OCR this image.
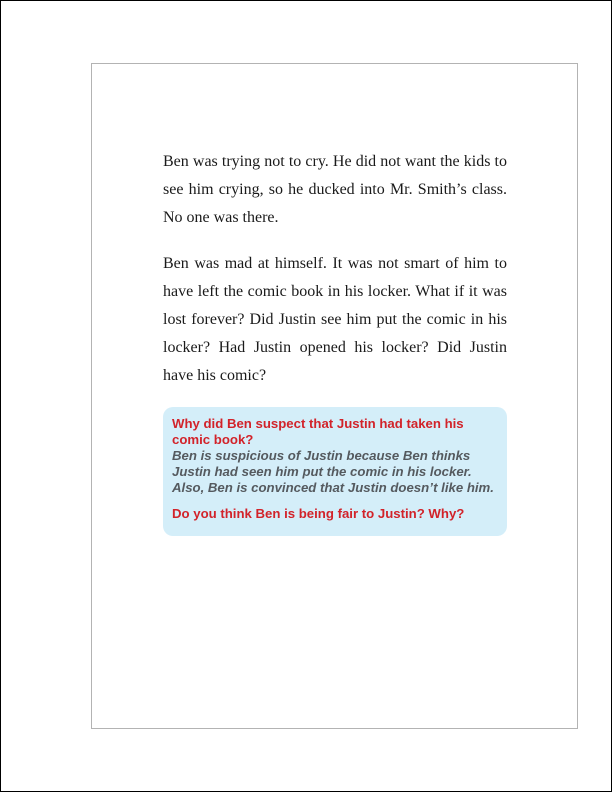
Ben was trying not to cry. He did not want the kids to see him crying, so he ducked into Mr. Smith’s class. No one was there.

Ben was mad at himself. It was not smart of him to have left the comic book in his locker. What if it was lost forever? Did Justin see him put the comic in his locker? Had Justin opened his locker? Did Justin have his comic?

Why did Ben suspect that Justin had taken his comic book?

Ben is suspicious of Justin because Ben thinks Justin had seen him put the comic in his locker. Also, Ben is convinced that Justin doesn’t like him.

Do you think Ben is being fair to Justin? Why?
